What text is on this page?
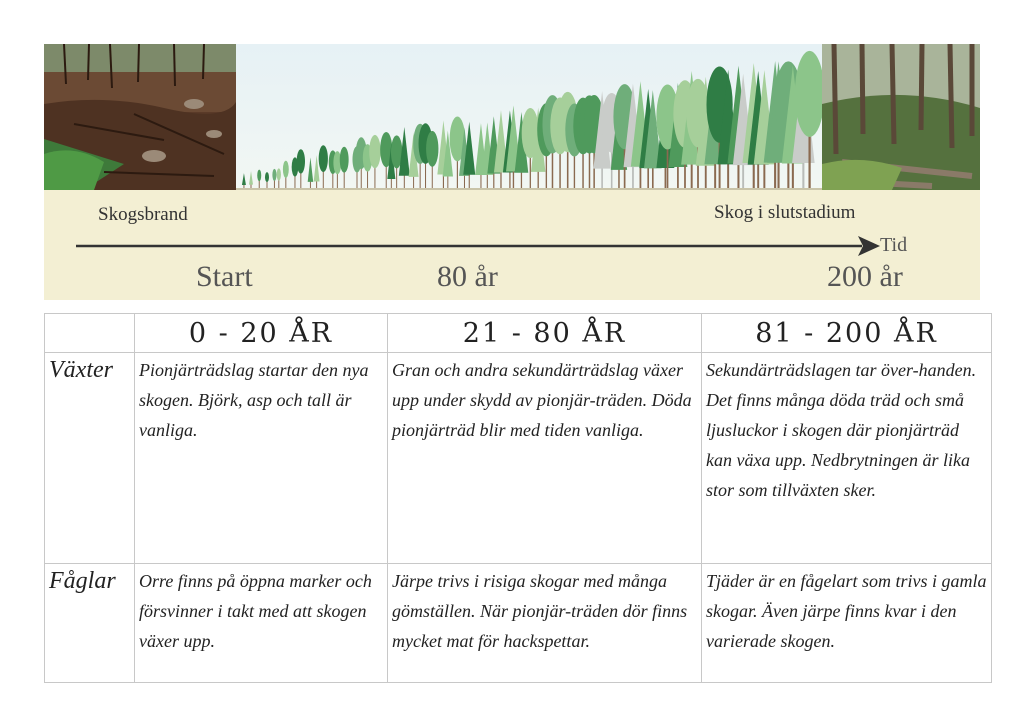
Skogsbrand	Skog i slutstadium
Tid
Start	80 år	200 år
	0 - 20 ÅR	21 - 80 ÅR	81 - 200 ÅR
Växter	Pionjärträdslag startar den nya skogen. Björk, asp och tall är vanliga.	Gran och andra sekundärträdslag växer upp under skydd av pionjär-träden. Döda pionjärträd blir med tiden vanliga.	Sekundärträdslagen tar över-handen. Det finns många döda träd och små ljusluckor i skogen där pionjärträd kan växa upp. Nedbrytningen är lika stor som tillväxten sker.
Fåglar	Orre finns på öppna marker och försvinner i takt med att skogen växer upp.	Järpe trivs i risiga skogar med många gömställen. När pionjär-träden dör finns mycket mat för hackspettar.	Tjäder är en fågelart som trivs i gamla skogar. Även järpe finns kvar i den varierade skogen.
